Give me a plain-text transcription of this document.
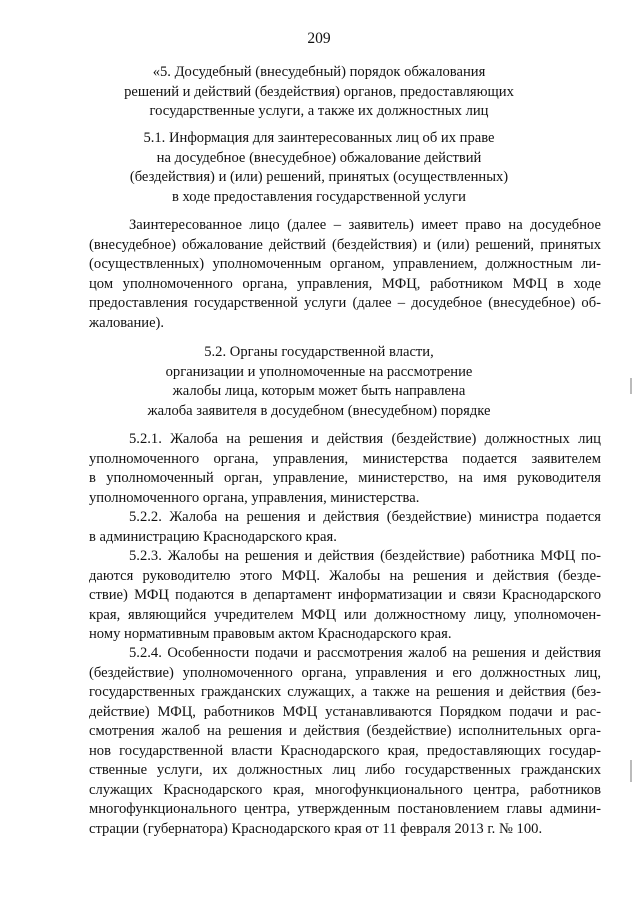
209
«5. Досудебный (внесудебный) порядок обжалования
решений и действий (бездействия) органов, предоставляющих
государственные услуги, а также их должностных лиц
5.1. Информация для заинтересованных лиц об их праве
на досудебное (внесудебное) обжалование действий
(бездействия) и (или) решений, принятых (осуществленных)
в ходе предоставления государственной услуги
Заинтересованное лицо (далее – заявитель) имеет право на досудебное
(внесудебное) обжалование действий (бездействия) и (или) решений, принятых
(осуществленных) уполномоченным органом, управлением, должностным ли-
цом уполномоченного органа, управления, МФЦ, работником МФЦ в ходе
предоставления государственной услуги (далее – досудебное (внесудебное) об-
жалование).
5.2. Органы государственной власти,
организации и уполномоченные на рассмотрение
жалобы лица, которым может быть направлена
жалоба заявителя в досудебном (внесудебном) порядке
5.2.1. Жалоба на решения и действия (бездействие) должностных лиц
уполномоченного органа, управления, министерства подается заявителем
в уполномоченный орган, управление, министерство, на имя руководителя
уполномоченного органа, управления, министерства.
5.2.2. Жалоба на решения и действия (бездействие) министра подается
в администрацию Краснодарского края.
5.2.3. Жалобы на решения и действия (бездействие) работника МФЦ по-
даются руководителю этого МФЦ. Жалобы на решения и действия (безде-
ствие) МФЦ подаются в департамент информатизации и связи Краснодарского
края, являющийся учредителем МФЦ или должностному лицу, уполномочен-
ному нормативным правовым актом Краснодарского края.
5.2.4. Особенности подачи и рассмотрения жалоб на решения и действия
(бездействие) уполномоченного органа, управления и его должностных лиц,
государственных гражданских служащих, а также на решения и действия (без-
действие) МФЦ, работников МФЦ устанавливаются Порядком подачи и рас-
смотрения жалоб на решения и действия (бездействие) исполнительных орга-
нов государственной власти Краснодарского края, предоставляющих государ-
ственные услуги, их должностных лиц либо государственных гражданских
служащих Краснодарского края, многофункционального центра, работников
многофункционального центра, утвержденным постановлением главы админи-
страции (губернатора) Краснодарского края от 11 февраля 2013 г. № 100.
